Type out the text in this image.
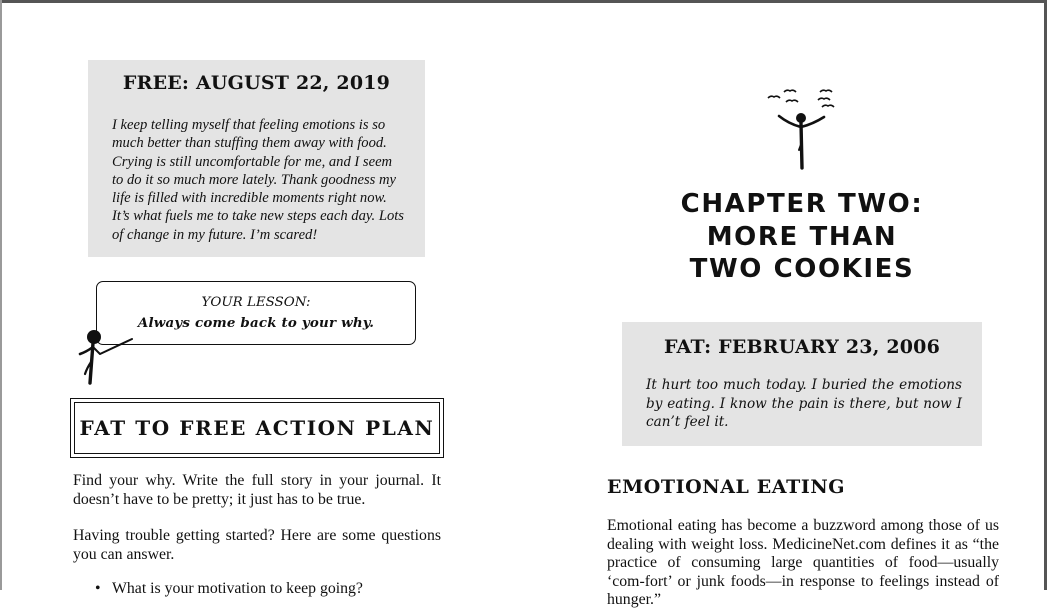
FREE: AUGUST 22, 2019

I keep telling myself that feeling emotions is so much better than stuffing them away with food. Crying is still uncomfortable for me, and I seem to do it so much more lately. Thank goodness my life is filled with incredible moments right now. It’s what fuels me to take new steps each day. Lots of change in my future. I’m scared!

YOUR LESSON:
Always come back to your why.
FAT TO FREE ACTION PLAN

Find your why. Write the full story in your journal. It doesn’t have to be pretty; it just has to be true.

Having trouble getting started? Here are some questions you can answer.

• What is your motivation to keep going?
CHAPTER TWO:
MORE THAN
TWO COOKIES
FAT: FEBRUARY 23, 2006

It hurt too much today. I buried the emotions by eating. I know the pain is there, but now I can’t feel it.

EMOTIONAL EATING

Emotional eating has become a buzzword among those of us dealing with weight loss. MedicineNet.com defines it as “the practice of consuming large quantities of food—usually ‘com-fort’ or junk foods—in response to feelings instead of hunger.”
